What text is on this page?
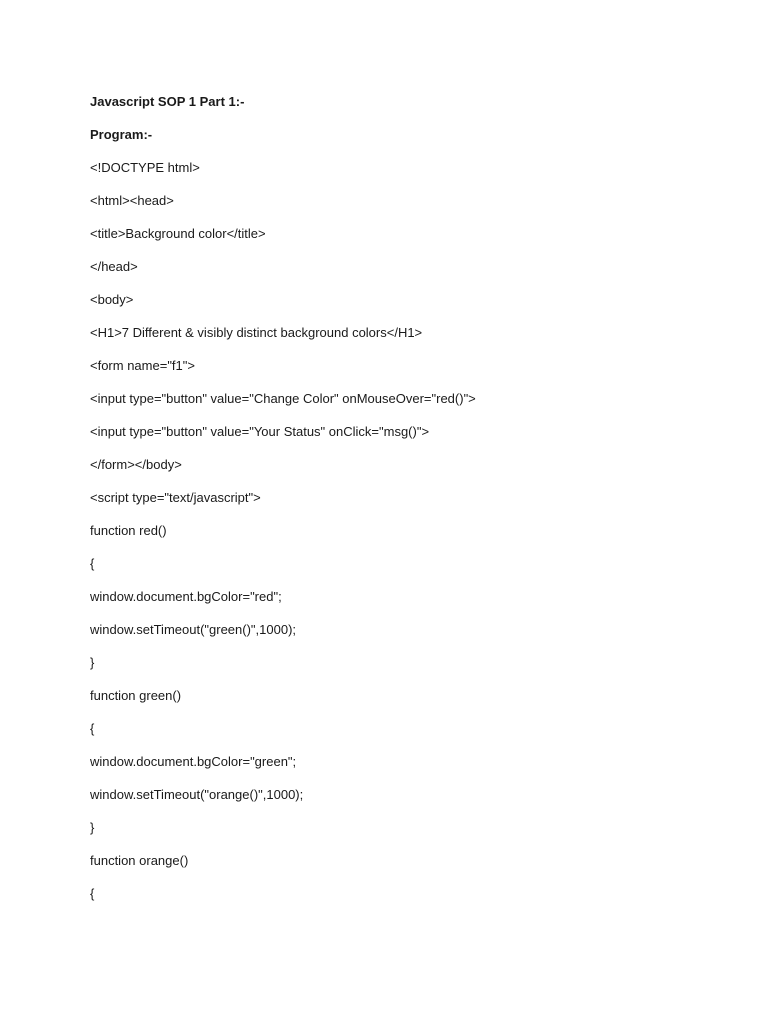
Javascript SOP 1 Part 1:-
Program:-
<!DOCTYPE html>
<html><head>
<title>Background color</title>
</head>
<body>
<H1>7 Different & visibly distinct background colors</H1>
<form name="f1">
<input type="button" value="Change Color" onMouseOver="red()">
<input type="button" value="Your Status" onClick="msg()">
</form></body>
<script type="text/javascript">
function red()
{
window.document.bgColor="red";
window.setTimeout("green()",1000);
}
function green()
{
window.document.bgColor="green";
window.setTimeout("orange()",1000);
}
function orange()
{
